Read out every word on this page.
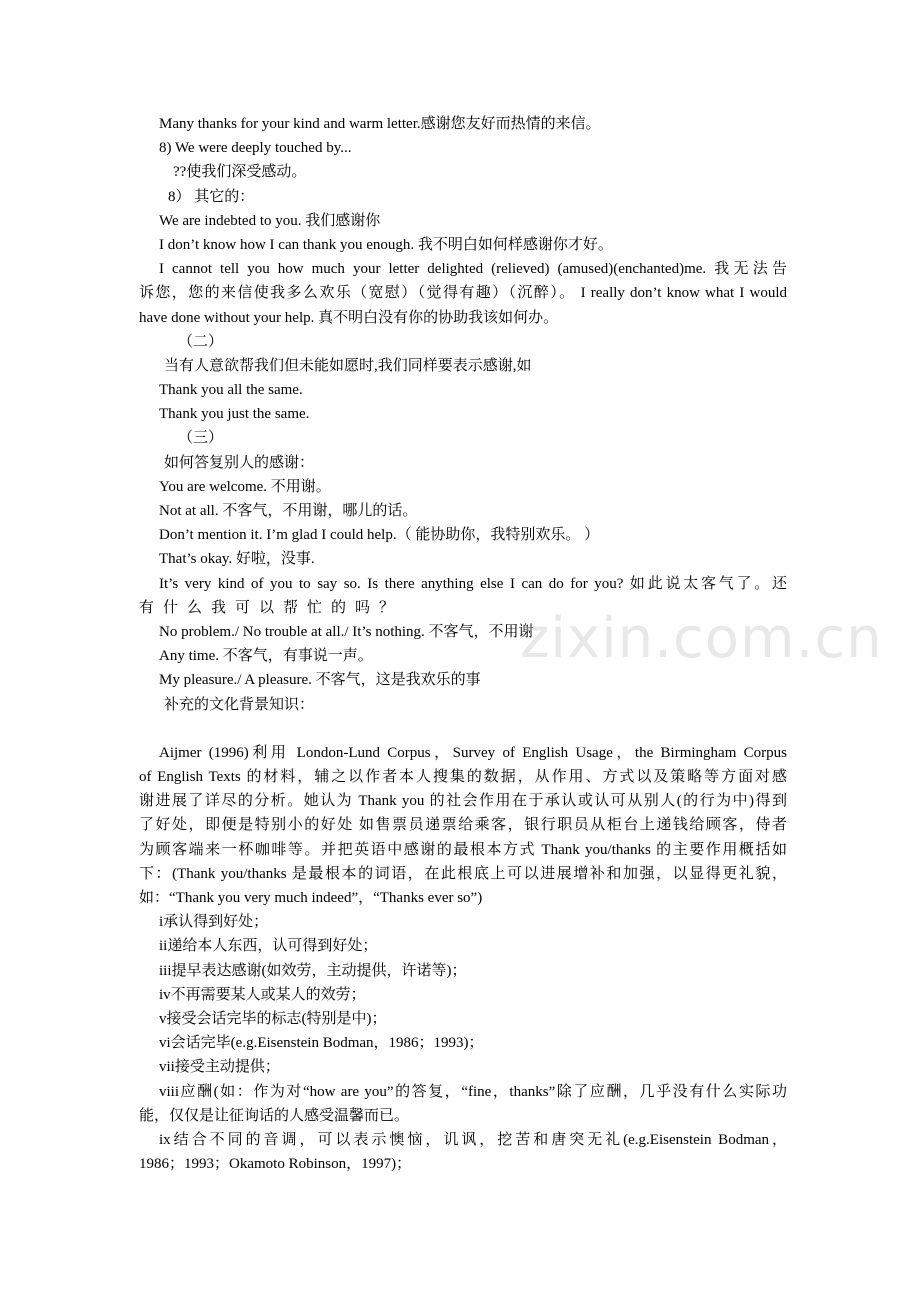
Many thanks for your kind and warm letter.感谢您友好而热情的来信。
8) We were deeply touched by...
??使我们深受感动。
8） 其它的：
We are indebted to you. 我们感谢你
I don’t know how I can thank you enough. 我不明白如何样感谢你才好。
I cannot tell you how much your letter delighted (relieved) (amused)(enchanted)me. 我无法告
诉您，您的来信使我多么欢乐（宽慰）（觉得有趣）（沉醉）。 I really don’t know what I would
have done without your help. 真不明白没有你的协助我该如何办。
（二）
当有人意欲帮我们但未能如愿时,我们同样要表示感谢,如
Thank you all the same.
Thank you just the same.
（三）
如何答复别人的感谢：
You are welcome. 不用谢。
Not at all. 不客气，不用谢，哪儿的话。
Don’t mention it. I’m glad I could help.（ 能协助你，我特别欢乐。 ）
That’s okay. 好啦，没事.
It’s very kind of you to say so. Is there anything else I can do for you? 如此说太客气了。还
有 什 么 我 可 以 帮 忙 的 吗 ？
No problem./ No trouble at all./ It’s nothing. 不客气，不用谢
Any time. 不客气，有事说一声。
My pleasure./ A pleasure. 不客气，这是我欢乐的事
补充的文化背景知识：
Aijmer (1996)利用 London-Lund Corpus，Survey of English Usage，the Birmingham Corpus
of English Texts 的材料，辅之以作者本人搜集的数据，从作用、方式以及策略等方面对感
谢进展了详尽的分析。她认为 Thank you 的社会作用在于承认或认可从别人(的行为中)得到
了好处，即便是特别小的好处 如售票员递票给乘客，银行职员从柜台上递钱给顾客，侍者
为顾客端来一杯咖啡等。并把英语中感谢的最根本方式 Thank you/thanks 的主要作用概括如
下：(Thank you/thanks 是最根本的词语，在此根底上可以进展增补和加强，以显得更礼貌，
如：“Thank you very much indeed”，“Thanks ever so”)
i承认得到好处；
ii递给本人东西，认可得到好处；
iii提早表达感谢(如效劳，主动提供，许诺等)；
iv不再需要某人或某人的效劳；
v接受会话完毕的标志(特别是中)；
vi会话完毕(e.g.Eisenstein Bodman，1986；1993)；
vii接受主动提供；
viii应酬(如：作为对“how are you”的答复，“fine，thanks”除了应酬，几乎没有什么实际功
能，仅仅是让征询话的人感受温馨而已。
ix结合不同的音调，可以表示懊恼，讥讽，挖苦和唐突无礼(e.g.Eisenstein Bodman，
1986；1993；Okamoto Robinson，1997)；
zixin.com.cn
